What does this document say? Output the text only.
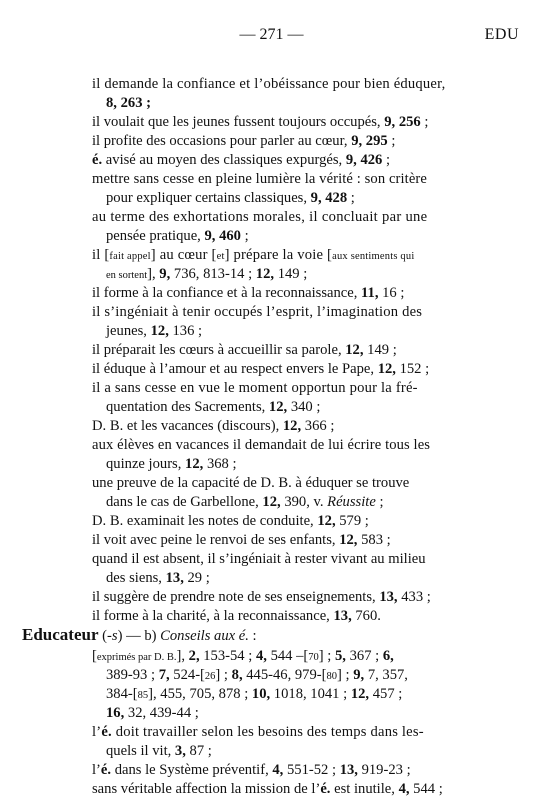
— 271 —	EDU
il demande la confiance et l’obéissance pour bien éduquer,
8, 263 ;
il voulait que les jeunes fussent toujours occupés, 9, 256 ;
il profite des occasions pour parler au cœur, 9, 295 ;
é. avisé au moyen des classiques expurgés, 9, 426 ;
mettre sans cesse en pleine lumière la vérité : son critère
pour expliquer certains classiques, 9, 428 ;
au terme des exhortations morales, il concluait par une
pensée pratique, 9, 460 ;
il [fait appel] au cœur [et] prépare la voie [aux sentiments qui
en sortent], 9, 736, 813-14 ; 12, 149 ;
il forme à la confiance et à la reconnaissance, 11, 16 ;
il s’ingéniait à tenir occupés l’esprit, l’imagination des
jeunes, 12, 136 ;
il préparait les cœurs à accueillir sa parole, 12, 149 ;
il éduque à l’amour et au respect envers le Pape, 12, 152 ;
il a sans cesse en vue le moment opportun pour la fré-
quentation des Sacrements, 12, 340 ;
D. B. et les vacances (discours), 12, 366 ;
aux élèves en vacances il demandait de lui écrire tous les
quinze jours, 12, 368 ;
une preuve de la capacité de D. B. à éduquer se trouve
dans le cas de Garbellone, 12, 390, v. Réussite ;
D. B. examinait les notes de conduite, 12, 579 ;
il voit avec peine le renvoi de ses enfants, 12, 583 ;
quand il est absent, il s’ingéniait à rester vivant au milieu
des siens, 13, 29 ;
il suggère de prendre note de ses enseignements, 13, 433 ;
il forme à la charité, à la reconnaissance, 13, 760.
Educateur (-s) — b) Conseils aux é. :
[exprimés par D. B.], 2, 153-54 ; 4, 544 –[70] ; 5, 367 ; 6,
389-93 ; 7, 524-[26] ; 8, 445-46, 979-[80] ; 9, 7, 357,
384-[85], 455, 705, 878 ; 10, 1018, 1041 ; 12, 457 ;
16, 32, 439-44 ;
l’é. doit travailler selon les besoins des temps dans les-
quels il vit, 3, 87 ;
l’é. dans le Système préventif, 4, 551-52 ; 13, 919-23 ;
sans véritable affection la mission de l’é. est inutile, 4, 544 ;
